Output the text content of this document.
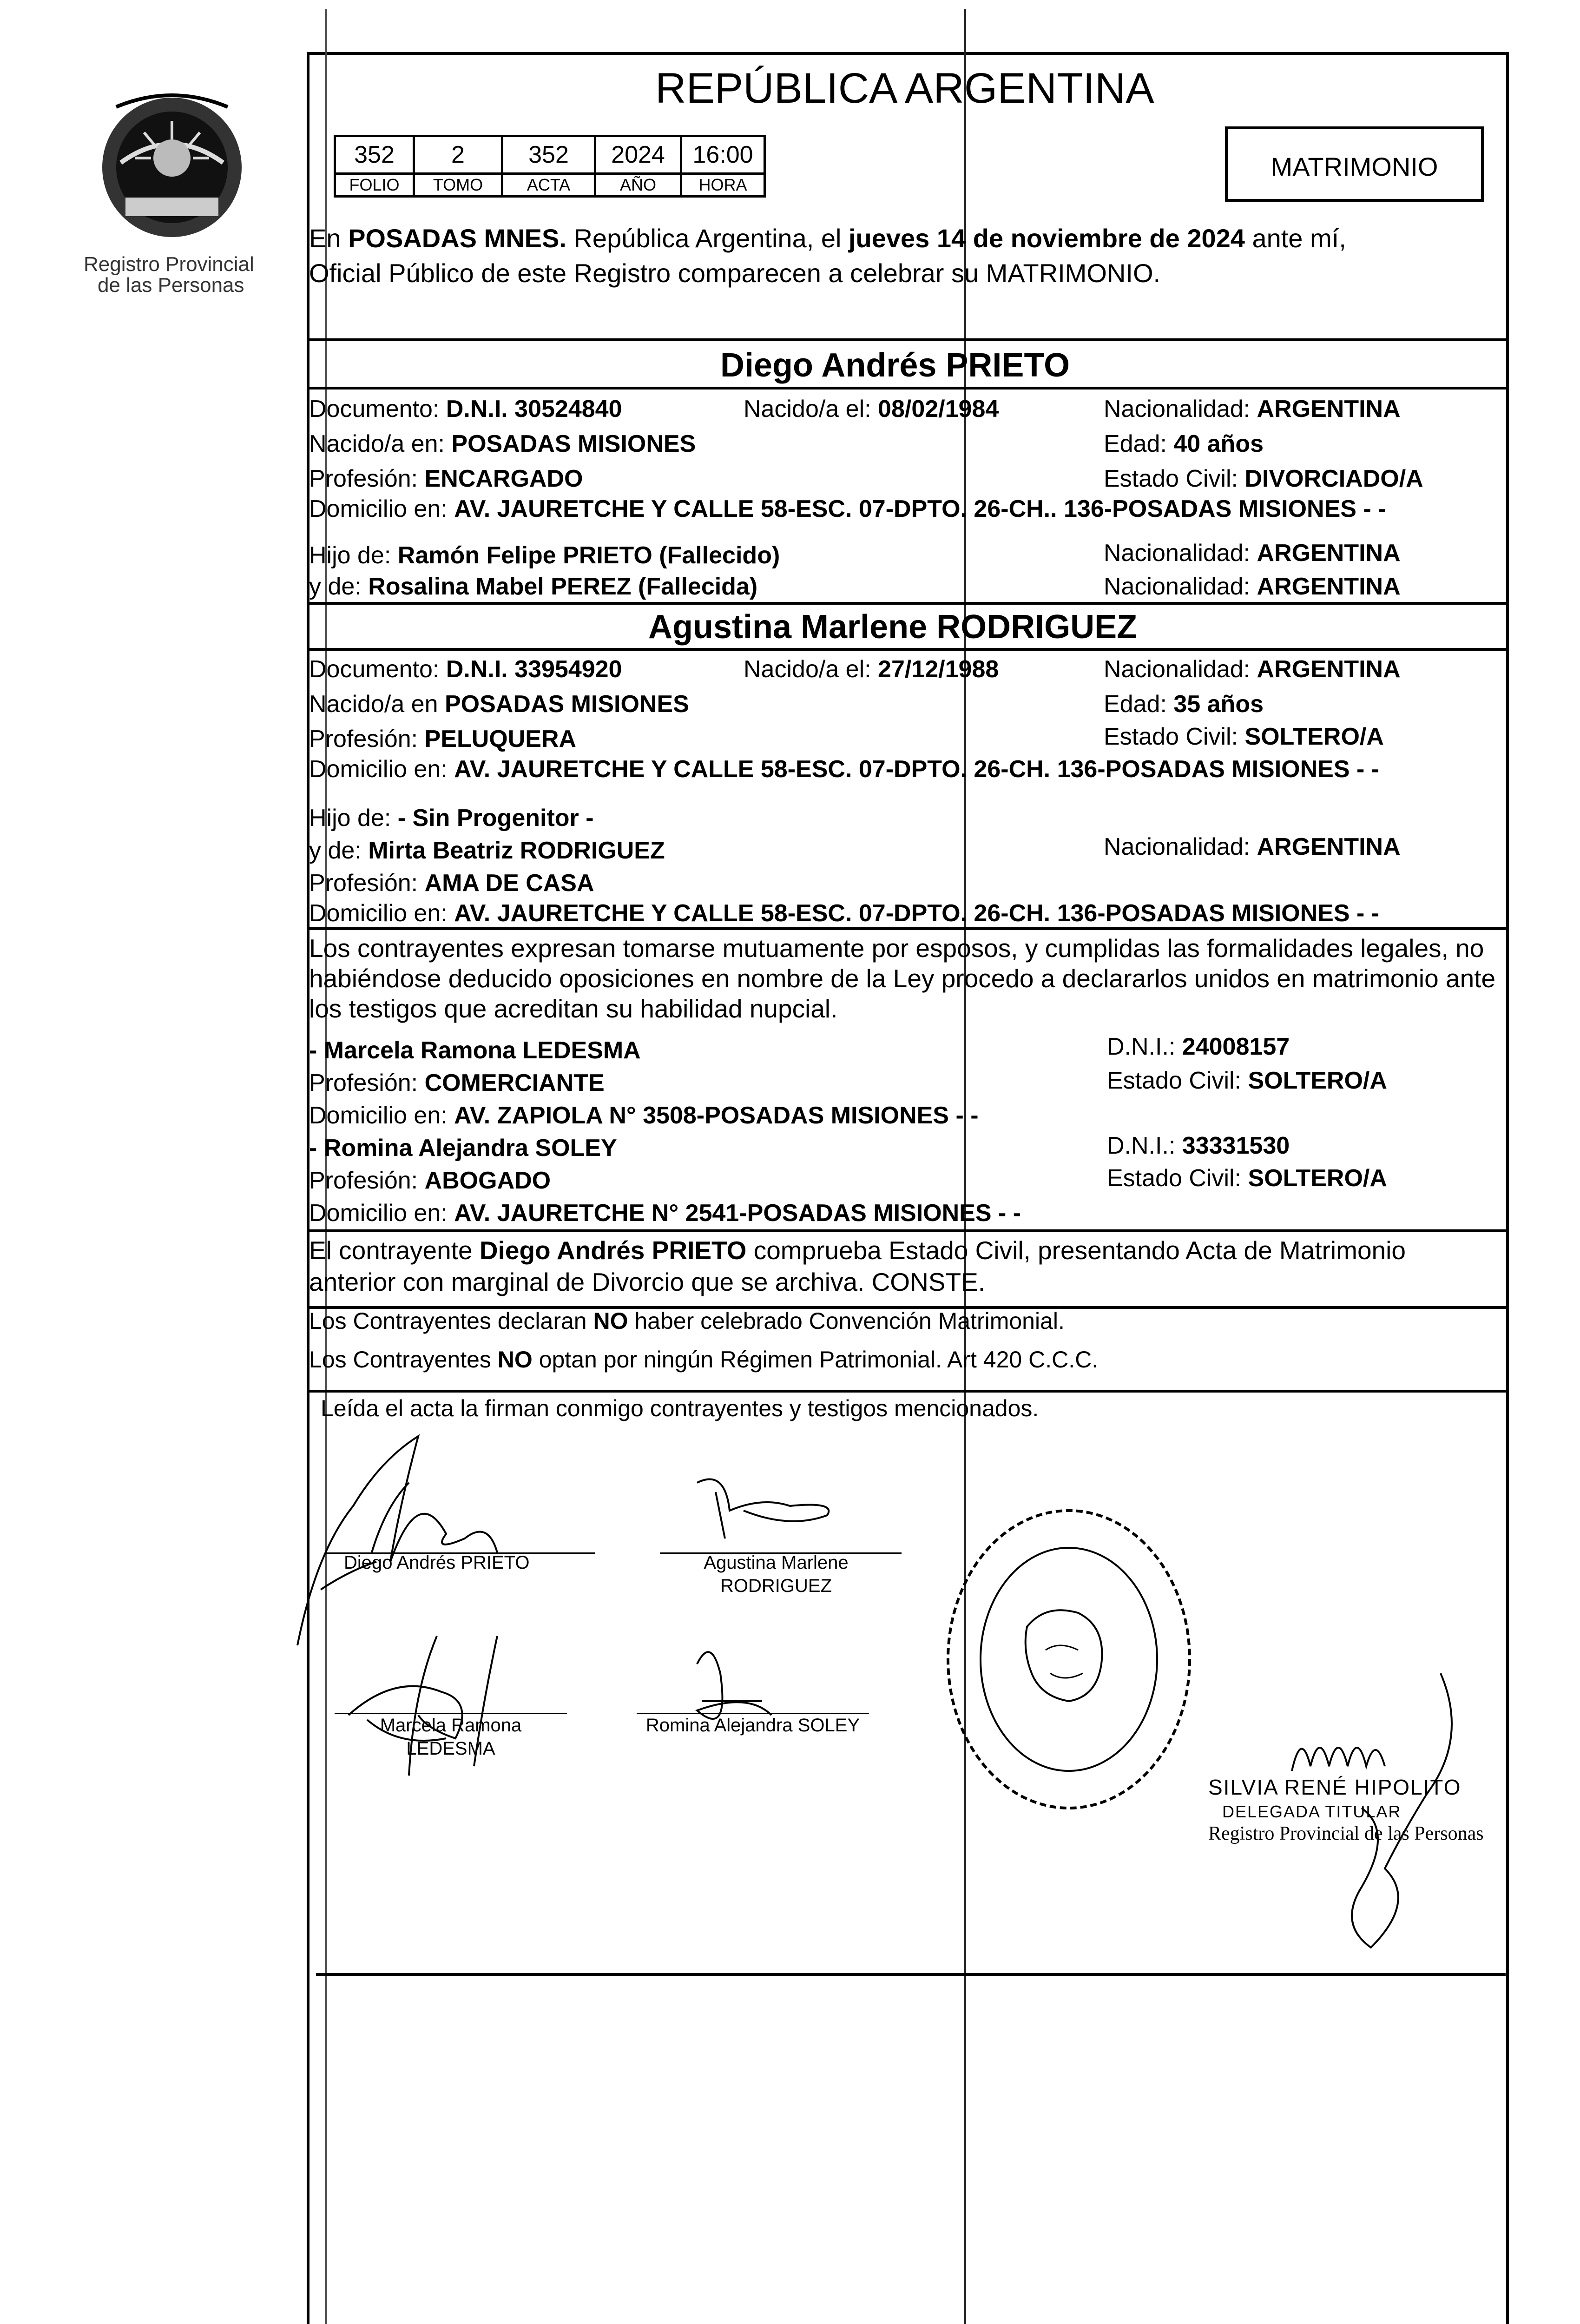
Registro Provincial
de las Personas
REPÚBLICA ARGENTINA
352	2	352	2024	16:00
FOLIO	TOMO	ACTA	AÑO	HORA
MATRIMONIO
En POSADAS MNES. República Argentina, el jueves 14 de noviembre de 2024 ante mí,
Oficial Público de este Registro comparecen a celebrar su MATRIMONIO.
Diego Andrés PRIETO
Documento: D.N.I. 30524840	Nacido/a el: 08/02/1984	Nacionalidad: ARGENTINA
Nacido/a en: POSADAS MISIONES	Edad: 40 años
Profesión: ENCARGADO	Estado Civil: DIVORCIADO/A
Domicilio en: AV. JAURETCHE Y CALLE 58-ESC. 07-DPTO. 26-CH.. 136-POSADAS MISIONES - -
Hijo de: Ramón Felipe PRIETO (Fallecido)	Nacionalidad: ARGENTINA
y de: Rosalina Mabel PEREZ (Fallecida)	Nacionalidad: ARGENTINA
Agustina Marlene RODRIGUEZ
Documento: D.N.I. 33954920	Nacido/a el: 27/12/1988	Nacionalidad: ARGENTINA
Nacido/a en POSADAS MISIONES	Edad: 35 años
Profesión: PELUQUERA	Estado Civil: SOLTERO/A
Domicilio en: AV. JAURETCHE Y CALLE 58-ESC. 07-DPTO. 26-CH. 136-POSADAS MISIONES - -
Hijo de: - Sin Progenitor -
y de: Mirta Beatriz RODRIGUEZ	Nacionalidad: ARGENTINA
Profesión: AMA DE CASA
Domicilio en: AV. JAURETCHE Y CALLE 58-ESC. 07-DPTO. 26-CH. 136-POSADAS MISIONES - -
Los contrayentes expresan tomarse mutuamente por esposos, y cumplidas las formalidades legales, no
habiéndose deducido oposiciones en nombre de la Ley procedo a declararlos unidos en matrimonio ante
los testigos que acreditan su habilidad nupcial.
- Marcela Ramona LEDESMA	D.N.I.: 24008157
Profesión: COMERCIANTE	Estado Civil: SOLTERO/A
Domicilio en: AV. ZAPIOLA N° 3508-POSADAS MISIONES - -
- Romina Alejandra SOLEY	D.N.I.: 33331530
Profesión: ABOGADO	Estado Civil: SOLTERO/A
Domicilio en: AV. JAURETCHE N° 2541-POSADAS MISIONES - -
El contrayente Diego Andrés PRIETO comprueba Estado Civil, presentando Acta de Matrimonio
anterior con marginal de Divorcio que se archiva. CONSTE.
Los Contrayentes declaran NO haber celebrado Convención Matrimonial.
Los Contrayentes NO optan por ningún Régimen Patrimonial. Art 420 C.C.C.
Leída el acta la firman conmigo contrayentes y testigos mencionados.
Diego Andrés PRIETO	Agustina Marlene
RODRIGUEZ
Marcela Ramona
LEDESMA
Romina Alejandra SOLEY
SILVIA RENÉ HIPOLITO
DELEGADA TITULAR
Registro Provincial de las Personas
